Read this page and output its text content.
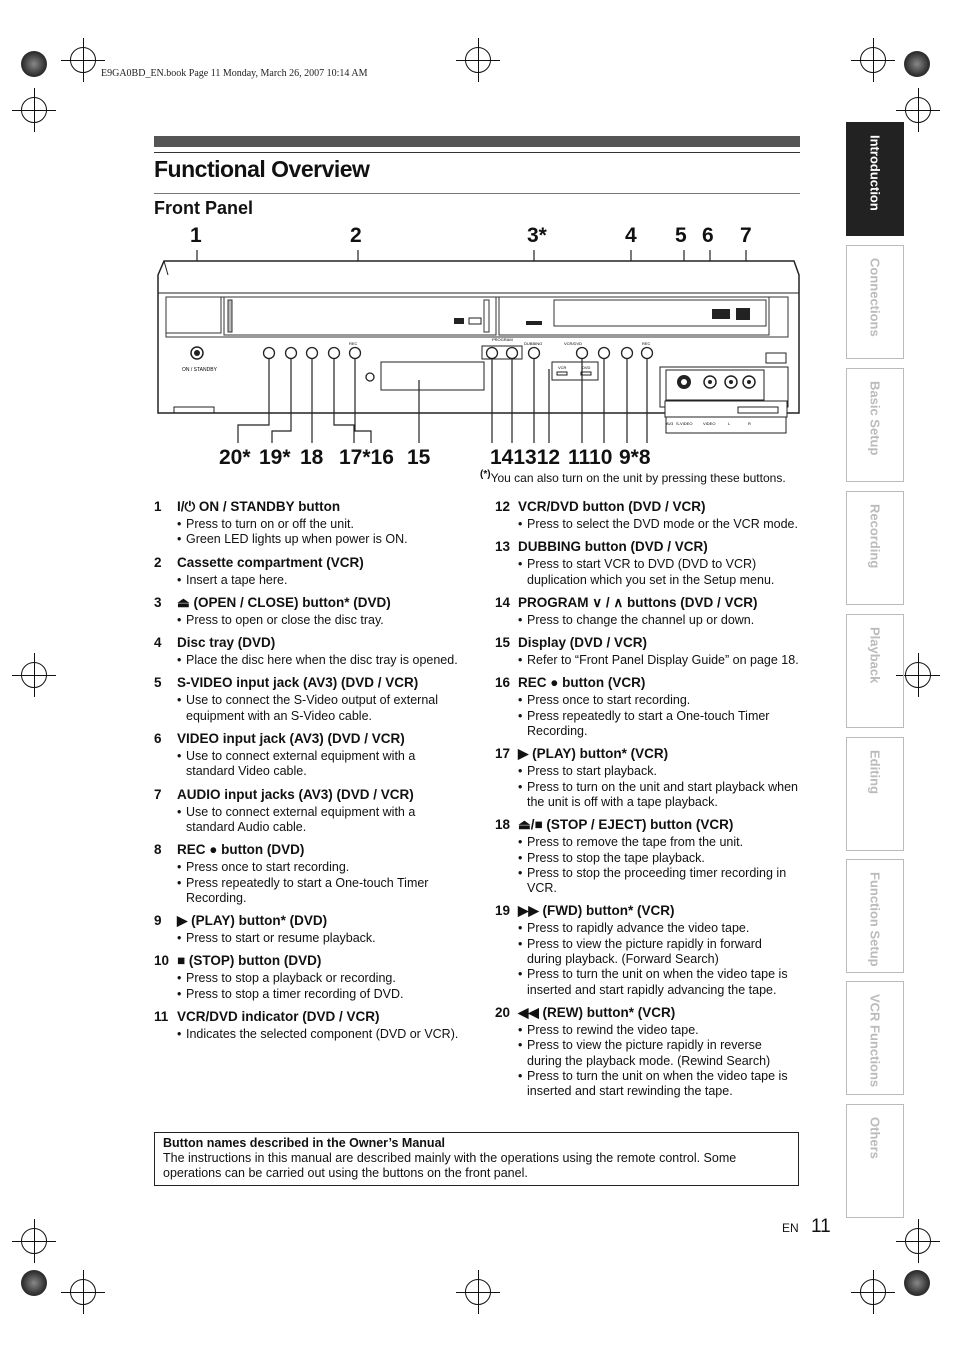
E9GA0BD_EN.book Page 11 Monday, March 26, 2007 10:14 AM
Functional Overview
Front Panel	Introduction
Connections
Basic Setup
Recording
Playback
Editing
Function Setup
VCR Functions
Others
1	2	3*	4 5 6 7
ON / STANDBY
REC
PROGRAM
DUBBING	VCR/DVD	REC
VCR	DVD
AV3 S-VIDEO	VIDEO	L	R
20* 19* 18 17*16 15	141312 1110 9*8
(*)You can also turn on the unit by pressing these buttons.
1 I/⏻ ON / STANDBY button
• Press to turn on or off the unit.
• Green LED lights up when power is ON.
2 Cassette compartment (VCR)
• Insert a tape here.
3 ⏏ (OPEN / CLOSE) button* (DVD)
• Press to open or close the disc tray.
4 Disc tray (DVD)
• Place the disc here when the disc tray is opened.
5 S-VIDEO input jack (AV3) (DVD / VCR)
• Use to connect the S-Video output of external equipment with an S-Video cable.
6 VIDEO input jack (AV3) (DVD / VCR)
• Use to connect external equipment with a standard Video cable.
7 AUDIO input jacks (AV3) (DVD / VCR)
• Use to connect external equipment with a standard Audio cable.
8 REC ● button (DVD)
• Press once to start recording.
• Press repeatedly to start a One-touch Timer Recording.
9 ▶ (PLAY) button* (DVD)
• Press to start or resume playback.
10 ■ (STOP) button (DVD)
• Press to stop a playback or recording.
• Press to stop a timer recording of DVD.
11 VCR/DVD indicator (DVD / VCR)
• Indicates the selected component (DVD or VCR).
12 VCR/DVD button (DVD / VCR)
• Press to select the DVD mode or the VCR mode.
13 DUBBING button (DVD / VCR)
• Press to start VCR to DVD (DVD to VCR) duplication which you set in the Setup menu.
14 PROGRAM ∨ / ∧ buttons (DVD / VCR)
• Press to change the channel up or down.
15 Display (DVD / VCR)
• Refer to “Front Panel Display Guide” on page 18.
16 REC ● button (VCR)
• Press once to start recording.
• Press repeatedly to start a One-touch Timer Recording.
17 ▶ (PLAY) button* (VCR)
• Press to start playback.
• Press to turn on the unit and start playback when the unit is off with a tape playback.
18 ⏏/■ (STOP / EJECT) button (VCR)
• Press to remove the tape from the unit.
• Press to stop the tape playback.
• Press to stop the proceeding timer recording in VCR.
19 ▶▶ (FWD) button* (VCR)
• Press to rapidly advance the video tape.
• Press to view the picture rapidly in forward during playback. (Forward Search)
• Press to turn the unit on when the video tape is inserted and start rapidly advancing the tape.
20 ◀◀ (REW) button* (VCR)
• Press to rewind the video tape.
• Press to view the picture rapidly in reverse during the playback mode. (Rewind Search)
• Press to turn the unit on when the video tape is inserted and start rewinding the tape.
Button names described in the Owner’s Manual
The instructions in this manual are described mainly with the operations using the remote control. Some operations can be carried out using the buttons on the front panel.
EN 11
